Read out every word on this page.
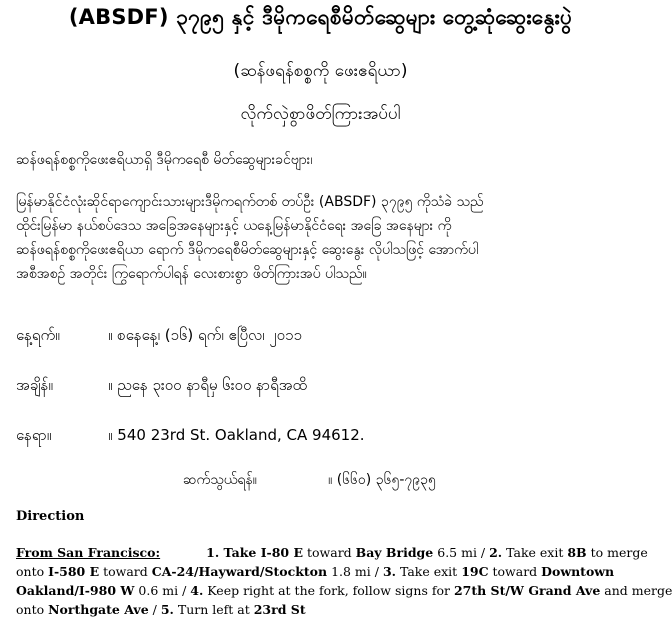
(ABSDF) ၃၇၉၅ နှင့် ဒီမိုကရေစီမိတ်ဆွေများ တွေ့ဆုံဆွေးနွေးပွဲ
(ဆန်ဖရန်စစ္စကို ဖေးဧရိယာ)
လိုက်လှဲစွာဖိတ်ကြားအပ်ပါ
ဆန်ဖရန်စစ္စကိုဖေးဧရိယာရှိ ဒီမိုကရေစီ မိတ်ဆွေများခင်ဗျား၊
မြန်မာနိုင်ငံလုံးဆိုင်ရာကျောင်းသားများဒီမိုကရက်တစ် တပ်ဦး (ABSDF) ၃၇၉၅ ကိုသံခဲ သည်
ထိုင်းမြန်မာ နယ်စပ်ဒေသ အခြေအနေများနှင့် ယနေ့မြန်မာနိုင်ငံရေး အခြေ အနေများ ကို
ဆန်ဖရန်စစ္စကိုဖေးဧရိယာ ရောက် ဒီမိုကရေစီမိတ်ဆွေများနှင့် ဆွေးနွေး လိုပါသဖြင့် အောက်ပါ
အစီအစဉ် အတိုင်း ကြွရောက်ပါရန် လေးစားစွာ ဖိတ်ကြားအပ် ပါသည်။
နေ့ရက်။	။ စနေနေ့၊ (၁၆) ရက်၊ ဧပြီလ၊ ၂၀၁၁
အချိန်။	။ ညနေ ၃း၀၀ နာရီမှ ၆း၀၀ နာရီအထိ
နေရာ။	။ 540 23rd St. Oakland, CA 94612.
ဆက်သွယ်ရန်။	။ (၆၆၀) ၃၆၅-၇၉၃၅
Direction
From San Francisco:	1. Take I-80 E toward Bay Bridge 6.5 mi / 2. Take exit 8B to merge
onto I-580 E toward CA-24/Hayward/Stockton 1.8 mi / 3. Take exit 19C toward Downtown
Oakland/I-980 W 0.6 mi / 4. Keep right at the fork, follow signs for 27th St/W Grand Ave and merge
onto Northgate Ave / 5. Turn left at 23rd St
